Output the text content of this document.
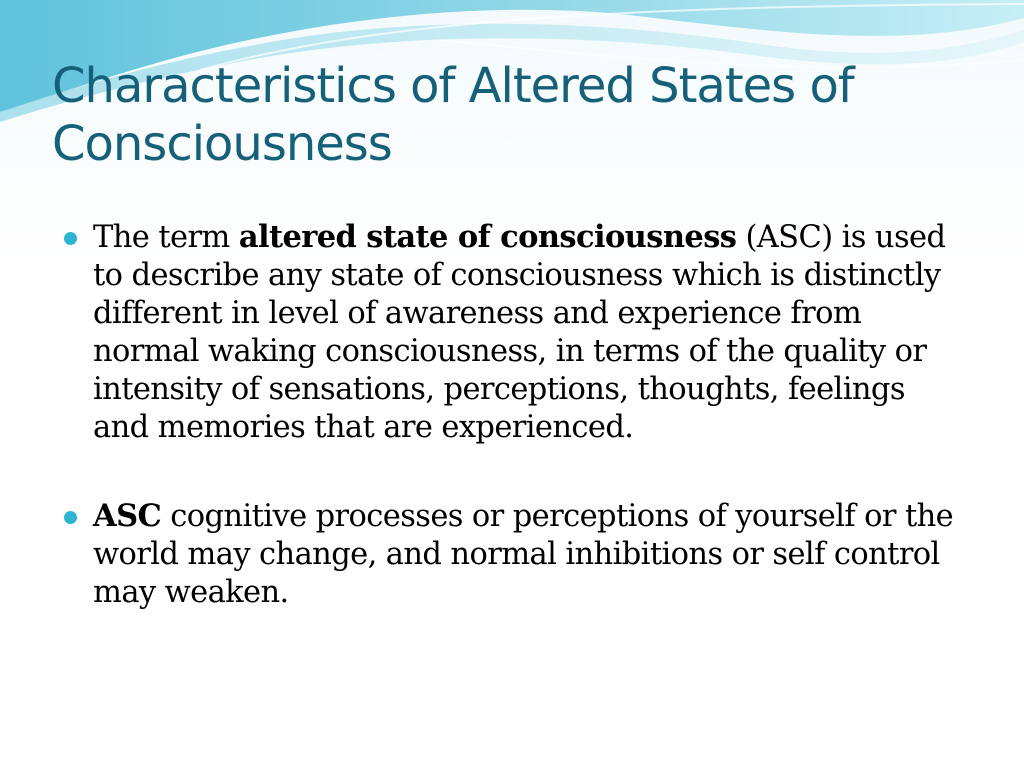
Characteristics of Altered States of Consciousness
The term altered state of consciousness (ASC) is used to describe any state of consciousness which is distinctly different in level of awareness and experience from normal waking consciousness, in terms of the quality or intensity of sensations, perceptions, thoughts, feelings and memories that are experienced.
ASC cognitive processes or perceptions of yourself or the world may change, and normal inhibitions or self control may weaken.
